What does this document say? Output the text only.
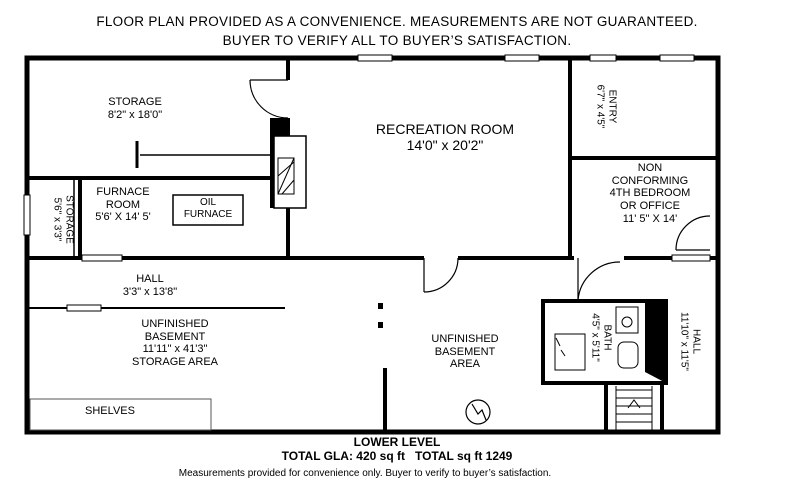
FLOOR PLAN PROVIDED AS A CONVENIENCE. MEASUREMENTS ARE NOT GUARANTEED.
BUYER TO VERIFY ALL TO BUYER’S SATISFACTION.
STORAGE
8'2" x 18'0"
RECREATION ROOM
14'0" x 20'2"
ENTRY
6'7" x 4'5"
NON
CONFORMING
4TH BEDROOM
OR OFFICE
11' 5" X 14'
STORAGE
5'6" x 3'3"
FURNACE
ROOM
5'6' X 14' 5'
OIL
FURNACE
HALL
3'3" x 13'8"
UNFINISHED
BASEMENT
11'11" x 41'3"
STORAGE AREA
UNFINISHED
BASEMENT
AREA
BATH
4'5" x 5'11"	HALL
11'10" x 11'5"
SHELVES
LOWER LEVEL
TOTAL GLA: 420 sq ft   TOTAL sq ft 1249
Measurements provided for convenience only. Buyer to verify to buyer’s satisfaction.
